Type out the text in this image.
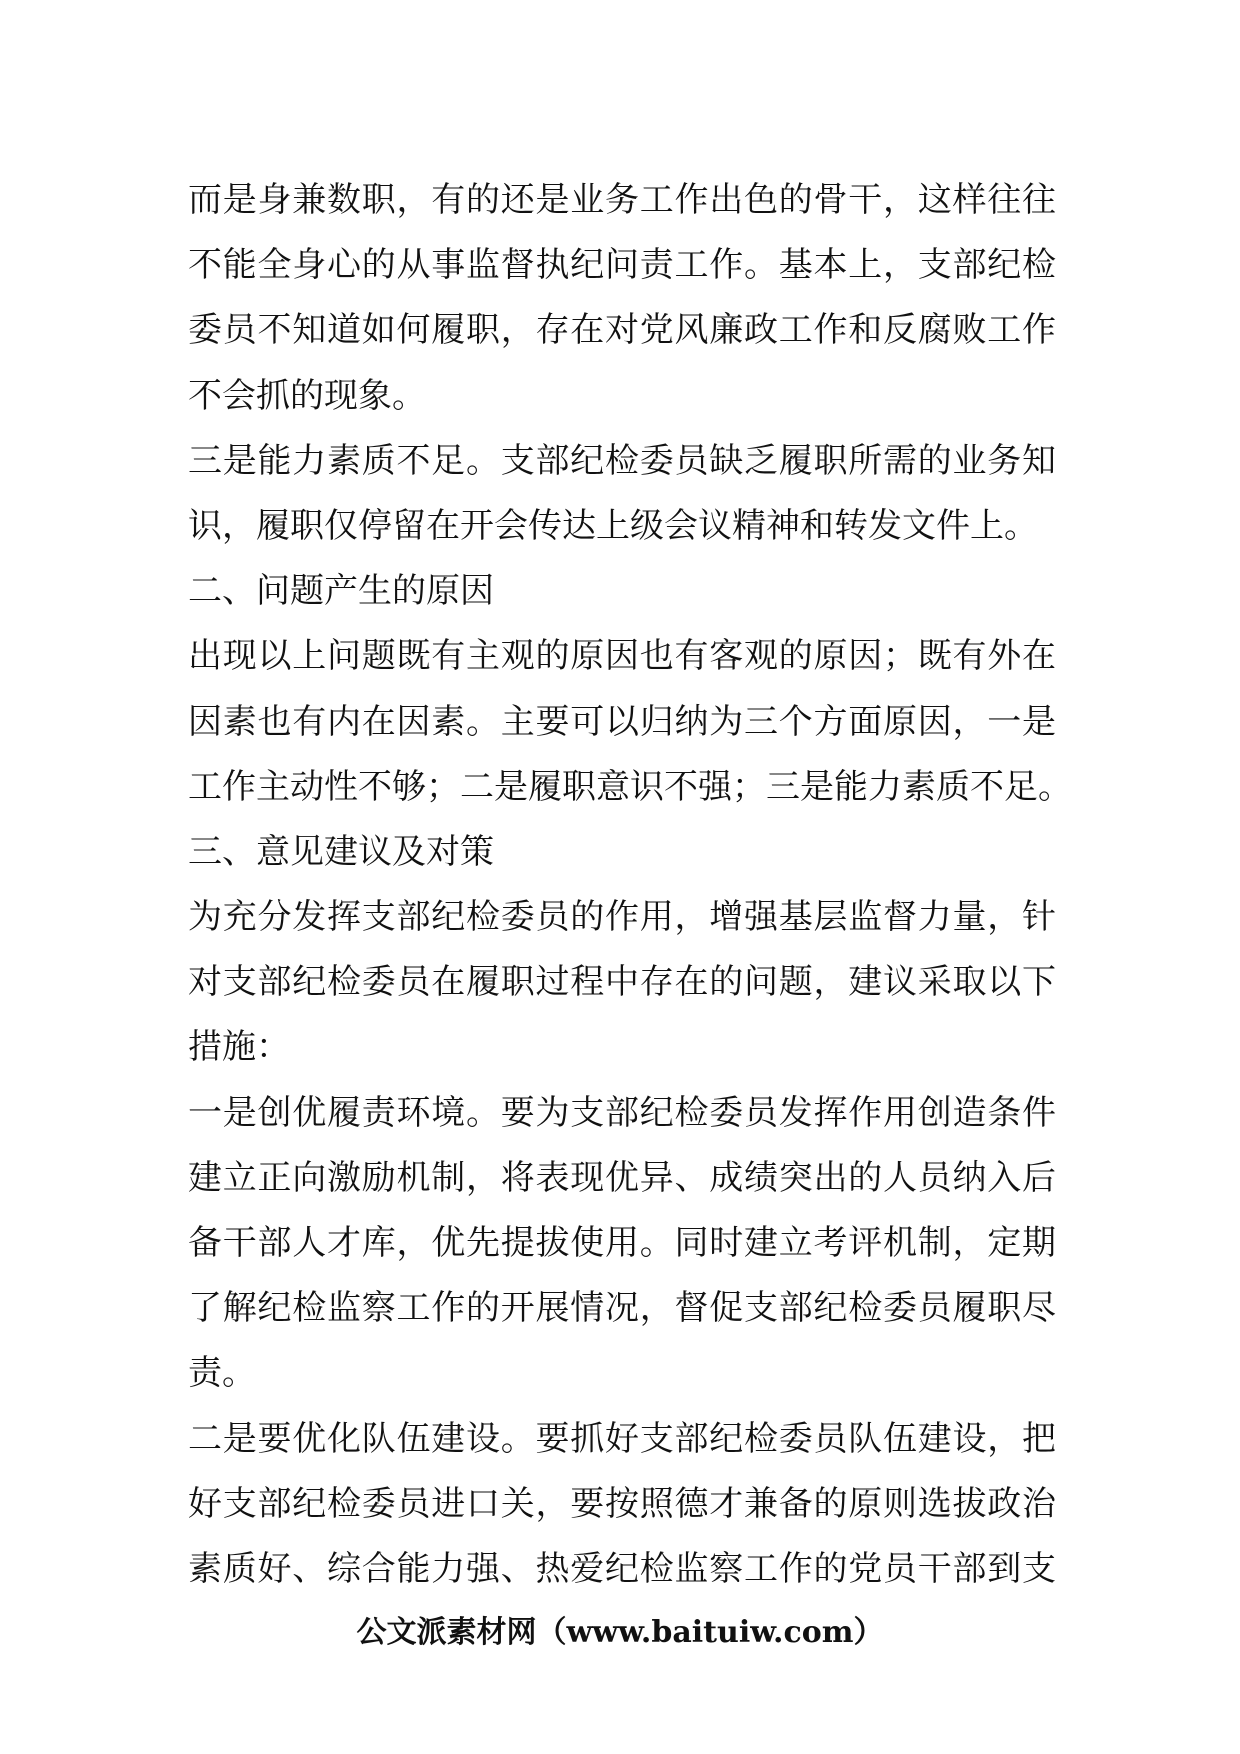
而是身兼数职，有的还是业务工作出色的骨干，这样往往
不能全身心的从事监督执纪问责工作。基本上，支部纪检
委员不知道如何履职，存在对党风廉政工作和反腐败工作
不会抓的现象。
三是能力素质不足。支部纪检委员缺乏履职所需的业务知
识，履职仅停留在开会传达上级会议精神和转发文件上。
二、问题产生的原因
出现以上问题既有主观的原因也有客观的原因；既有外在
因素也有内在因素。主要可以归纳为三个方面原因，一是
工作主动性不够；二是履职意识不强；三是能力素质不足。
三、意见建议及对策
为充分发挥支部纪检委员的作用，增强基层监督力量，针
对支部纪检委员在履职过程中存在的问题，建议采取以下
措施：
一是创优履责环境。要为支部纪检委员发挥作用创造条件
建立正向激励机制，将表现优异、成绩突出的人员纳入后
备干部人才库，优先提拔使用。同时建立考评机制，定期
了解纪检监察工作的开展情况，督促支部纪检委员履职尽
责。
二是要优化队伍建设。要抓好支部纪检委员队伍建设，把
好支部纪检委员进口关，要按照德才兼备的原则选拔政治
素质好、综合能力强、热爱纪检监察工作的党员干部到支
公文派素材网（www.baituiw.com）
